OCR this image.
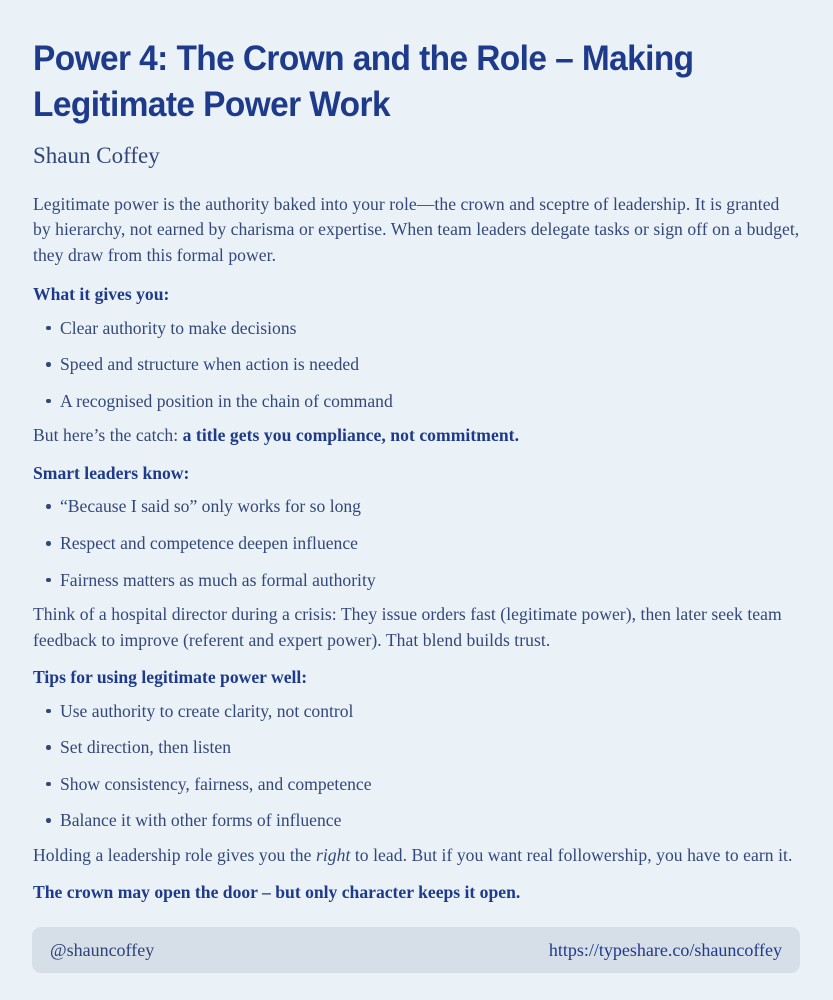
Power 4: The Crown and the Role – Making Legitimate Power Work
Shaun Coffey

Legitimate power is the authority baked into your role—the crown and sceptre of leadership. It is granted by hierarchy, not earned by charisma or expertise. When team leaders delegate tasks or sign off on a budget, they draw from this formal power.

What it gives you:
Clear authority to make decisions
Speed and structure when action is needed
A recognised position in the chain of command

But here’s the catch: a title gets you compliance, not commitment.

Smart leaders know:
“Because I said so” only works for so long
Respect and competence deepen influence
Fairness matters as much as formal authority

Think of a hospital director during a crisis: They issue orders fast (legitimate power), then later seek team feedback to improve (referent and expert power). That blend builds trust.

Tips for using legitimate power well:
Use authority to create clarity, not control
Set direction, then listen
Show consistency, fairness, and competence
Balance it with other forms of influence

Holding a leadership role gives you the right to lead. But if you want real followership, you have to earn it.

The crown may open the door – but only character keeps it open.
@shauncoffey	https://typeshare.co/shauncoffey
